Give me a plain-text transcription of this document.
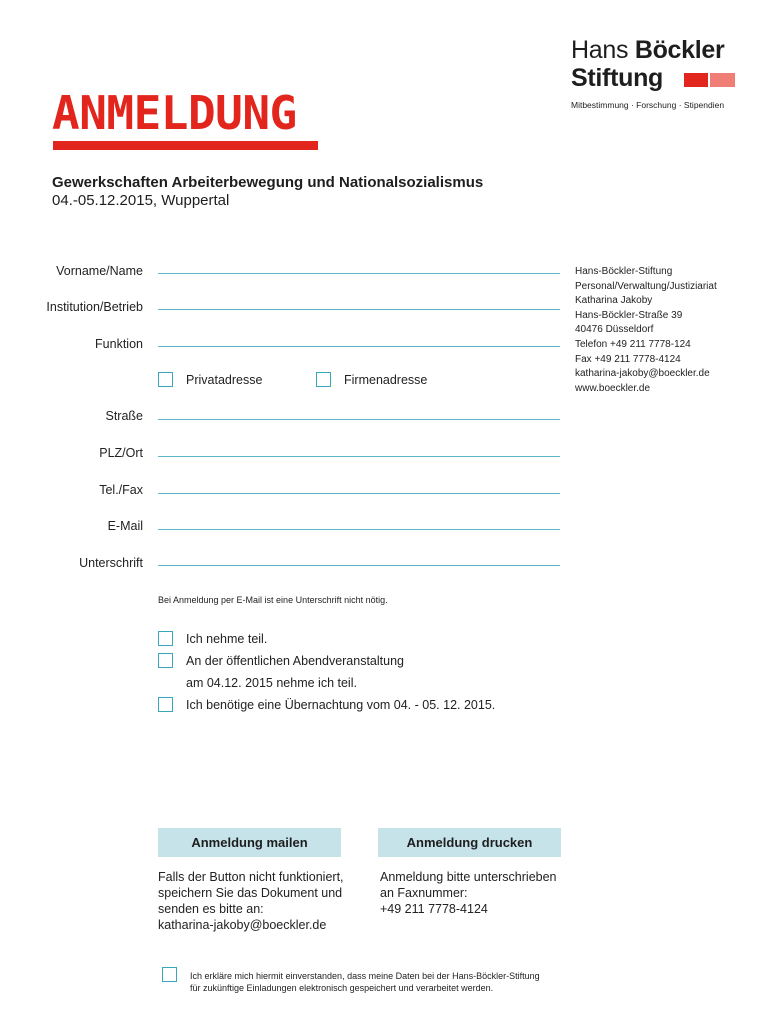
Hans Böckler
Stiftung
Mitbestimmung · Forschung · Stipendien
ANMELDUNG
Gewerkschaften Arbeiterbewegung und Nationalsozialismus
04.-05.12.2015, Wuppertal
Vorname/Name
Institution/Betrieb
Funktion
Privatadresse	Firmenadresse
Straße
PLZ/Ort
Tel./Fax
E-Mail
Unterschrift
Bei Anmeldung per E-Mail ist eine Unterschrift nicht nötig.
Hans-Böckler-Stiftung
Personal/Verwaltung/Justiziariat
Katharina Jakoby
Hans-Böckler-Straße 39
40476 Düsseldorf
Telefon +49 211 7778-124
Fax +49 211 7778-4124
katharina-jakoby@boeckler.de
www.boeckler.de
Ich nehme teil.
An der öffentlichen Abendveranstaltung
am 04.12. 2015 nehme ich teil.
Ich benötige eine Übernachtung vom 04. - 05. 12. 2015.
Anmeldung mailen	Anmeldung drucken
Falls der Button nicht funktioniert,
speichern Sie das Dokument und
senden es bitte an:
katharina-jakoby@boeckler.de
Anmeldung bitte unterschrieben
an Faxnummer:
+49 211 7778-4124
Ich erkläre mich hiermit einverstanden, dass meine Daten bei der Hans-Böckler-Stiftung
für zukünftige Einladungen elektronisch gespeichert und verarbeitet werden.
